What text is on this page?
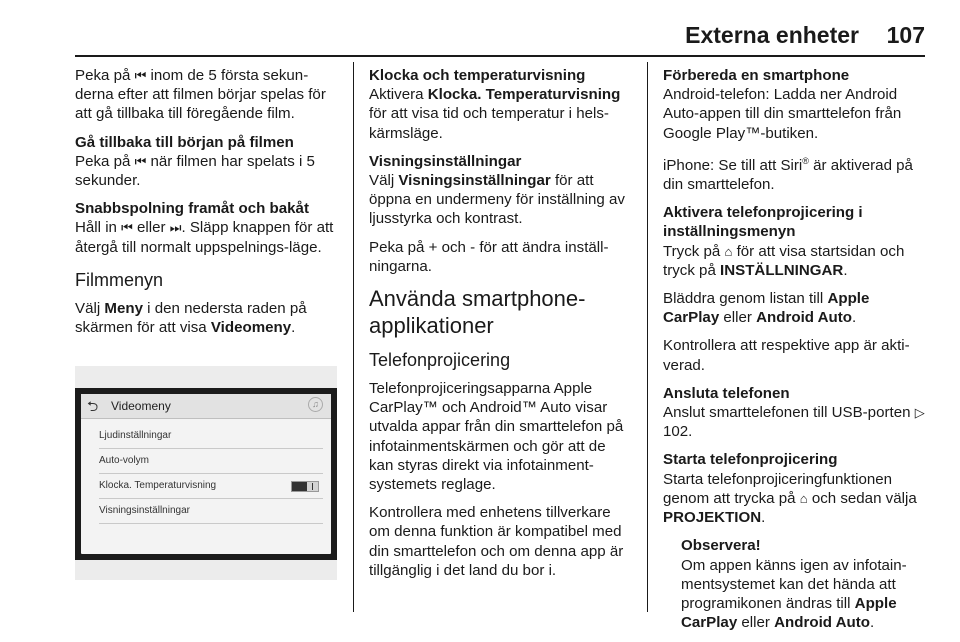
Externa enheter 107

Peka på ⏮ inom de 5 första sekun-derna efter att filmen börjar spelas för att gå tillbaka till föregående film.

Gå tillbaka till början på filmen

Peka på ⏮ när filmen har spelats i 5 sekunder.

Snabbspolning framåt och bakåt

Håll in ⏮ eller ⏭. Släpp knappen för att återgå till normalt uppspelnings-läge.

Filmmenyn

Välj Meny i den nedersta raden på skärmen för att visa Videomeny.

⮌ Videomeny	♫
Ljudinställningar
Auto-volym
Klocka. Temperaturvisning
Visningsinställningar
Klocka och temperaturvisning

Aktivera Klocka. Temperaturvisning för att visa tid och temperatur i hels-kärmsläge.

Visningsinställningar

Välj Visningsinställningar för att öppna en undermeny för inställning av ljusstyrka och kontrast.

Peka på + och - för att ändra inställ-ningarna.

Använda smartphone-applikationer
Telefonprojicering

Telefonprojiceringsapparna Apple CarPlay™ och Android™ Auto visar utvalda appar från din smarttelefon på infotainmentskärmen och gör att de kan styras direkt via infotainment-systemets reglage.

Kontrollera med enhetens tillverkare om denna funktion är kompatibel med din smarttelefon och om denna app är tillgänglig i det land du bor i.

Förbereda en smartphone

Android-telefon: Ladda ner Android Auto-appen till din smarttelefon från Google Play™-butiken.

iPhone: Se till att Siri® är aktiverad på din smarttelefon.

Aktivera telefonprojicering i inställningsmenyn

Tryck på ⌂ för att visa startsidan och tryck på INSTÄLLNINGAR.

Bläddra genom listan till Apple CarPlay eller Android Auto.

Kontrollera att respektive app är akti-verad.

Ansluta telefonen

Anslut smarttelefonen till USB-porten ▷ 102.

Starta telefonprojicering

Starta telefonprojiceringfunktionen genom att trycka på ⌂ och sedan välja PROJEKTION.

Observera!
Om appen känns igen av infotain-mentsystemet kan det hända att programikonen ändras till Apple CarPlay eller Android Auto.
